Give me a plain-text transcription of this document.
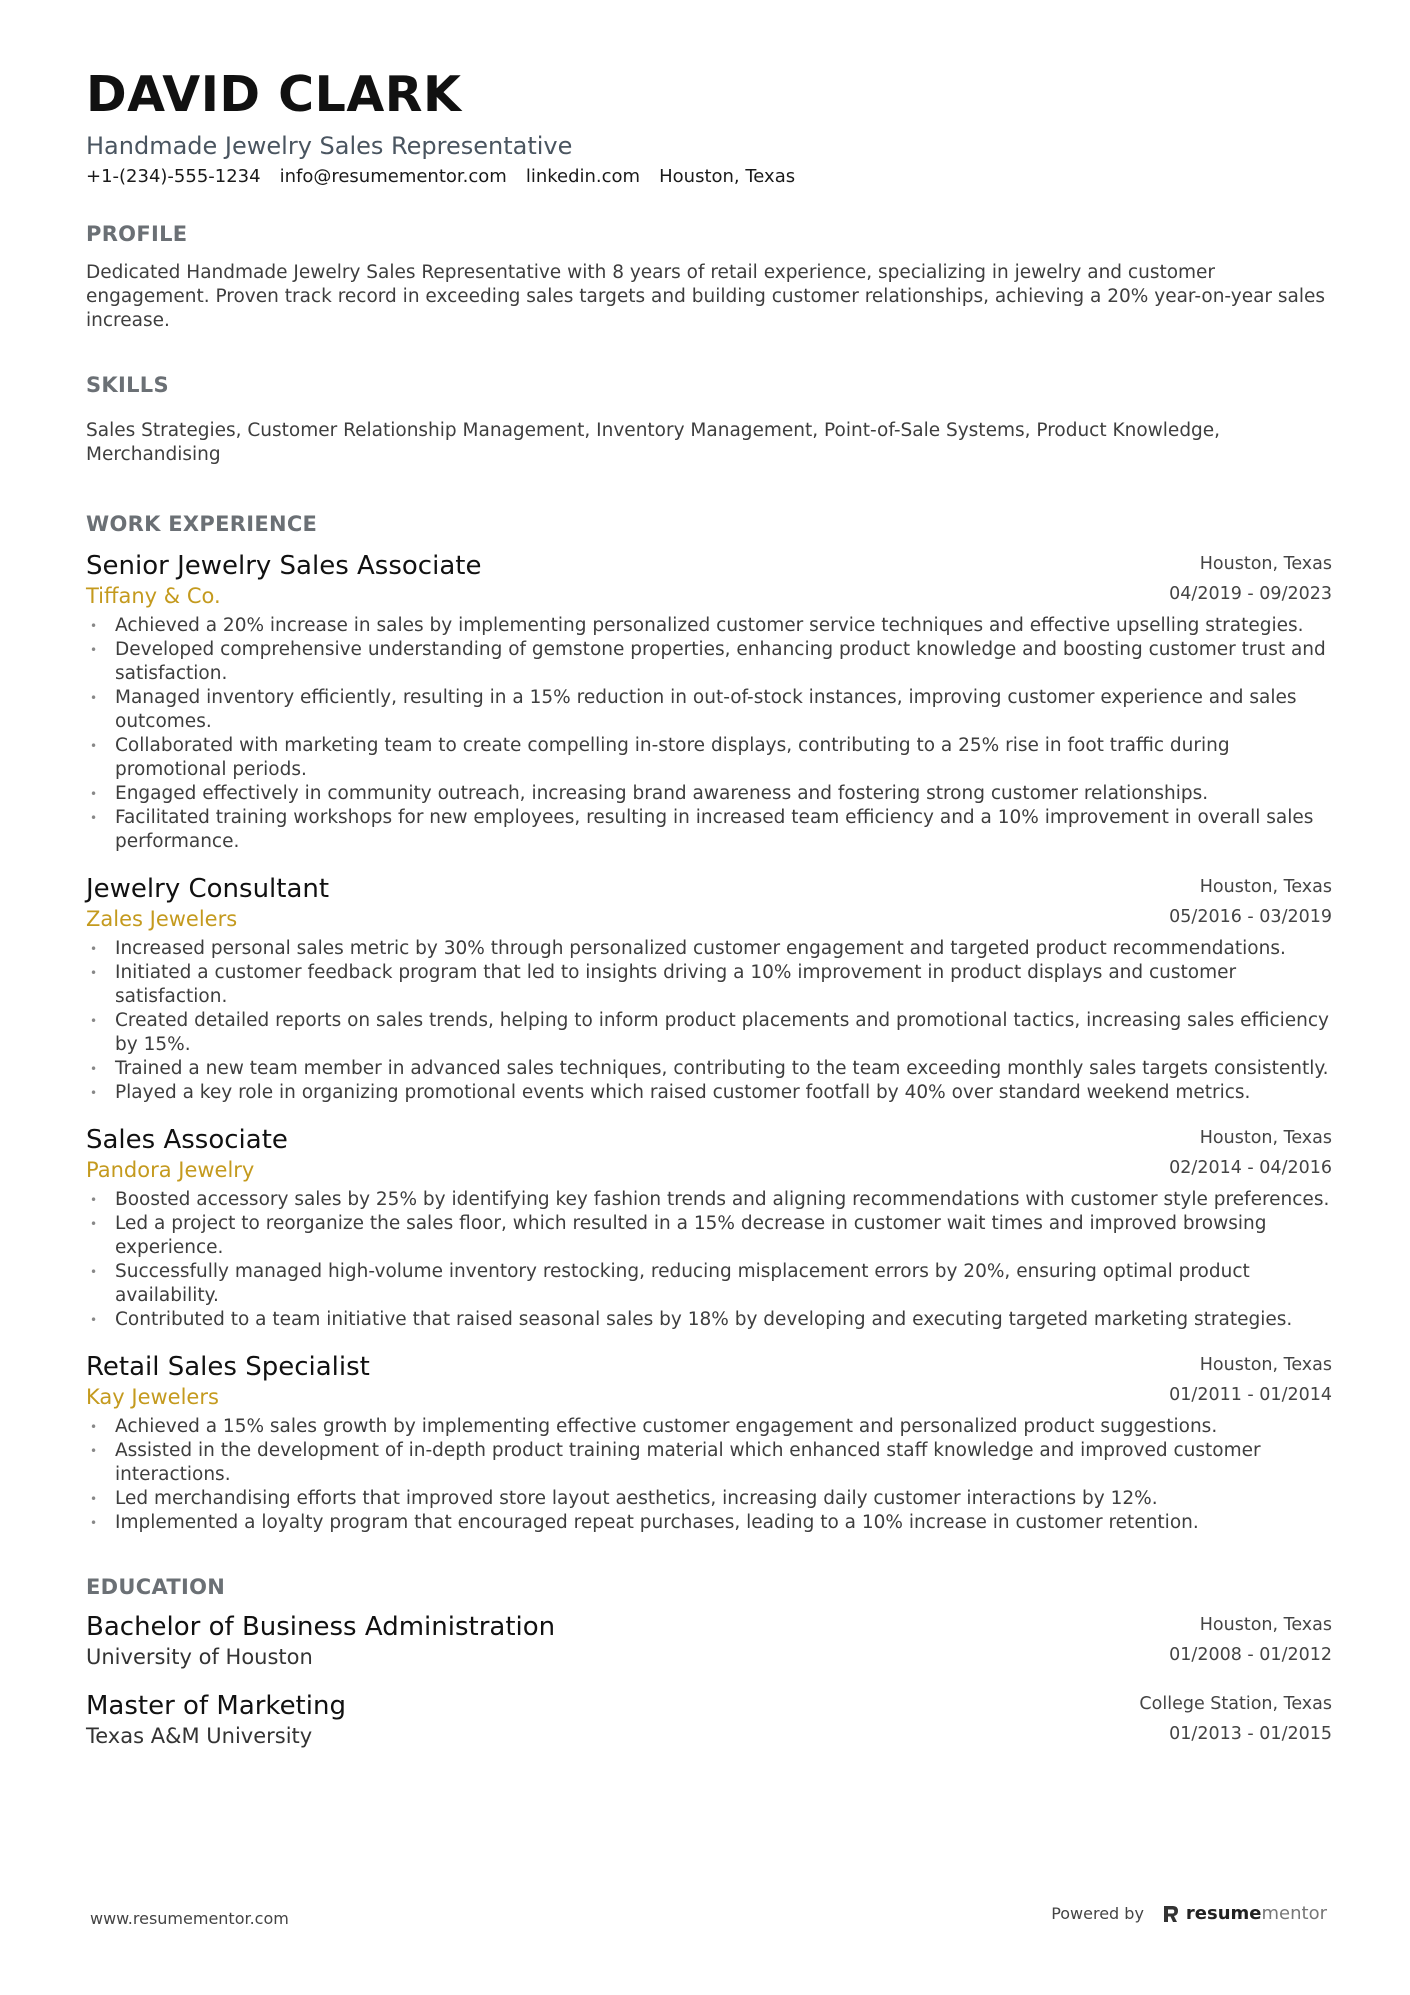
DAVID CLARK
Handmade Jewelry Sales Representative
+1-(234)-555-1234 info@resumementor.com linkedin.com Houston, Texas
PROFILE
Dedicated Handmade Jewelry Sales Representative with 8 years of retail experience, specializing in jewelry and customer engagement. Proven track record in exceeding sales targets and building customer relationships, achieving a 20% year-on-year sales increase.
SKILLS
Sales Strategies, Customer Relationship Management, Inventory Management, Point-of-Sale Systems, Product Knowledge, Merchandising
WORK EXPERIENCE
Senior Jewelry Sales Associate
Tiffany & Co.
Houston, Texas
04/2019 - 09/2023
• Achieved a 20% increase in sales by implementing personalized customer service techniques and effective upselling strategies.
• Developed comprehensive understanding of gemstone properties, enhancing product knowledge and boosting customer trust and satisfaction.
• Managed inventory efficiently, resulting in a 15% reduction in out-of-stock instances, improving customer experience and sales outcomes.
• Collaborated with marketing team to create compelling in-store displays, contributing to a 25% rise in foot traffic during promotional periods.
• Engaged effectively in community outreach, increasing brand awareness and fostering strong customer relationships.
• Facilitated training workshops for new employees, resulting in increased team efficiency and a 10% improvement in overall sales performance.
Jewelry Consultant
Zales Jewelers
Houston, Texas
05/2016 - 03/2019
• Increased personal sales metric by 30% through personalized customer engagement and targeted product recommendations.
• Initiated a customer feedback program that led to insights driving a 10% improvement in product displays and customer satisfaction.
• Created detailed reports on sales trends, helping to inform product placements and promotional tactics, increasing sales efficiency by 15%.
• Trained a new team member in advanced sales techniques, contributing to the team exceeding monthly sales targets consistently.
• Played a key role in organizing promotional events which raised customer footfall by 40% over standard weekend metrics.
Sales Associate
Pandora Jewelry
Houston, Texas
02/2014 - 04/2016
• Boosted accessory sales by 25% by identifying key fashion trends and aligning recommendations with customer style preferences.
• Led a project to reorganize the sales floor, which resulted in a 15% decrease in customer wait times and improved browsing experience.
• Successfully managed high-volume inventory restocking, reducing misplacement errors by 20%, ensuring optimal product availability.
• Contributed to a team initiative that raised seasonal sales by 18% by developing and executing targeted marketing strategies.
Retail Sales Specialist
Kay Jewelers
Houston, Texas
01/2011 - 01/2014
• Achieved a 15% sales growth by implementing effective customer engagement and personalized product suggestions.
• Assisted in the development of in-depth product training material which enhanced staff knowledge and improved customer interactions.
• Led merchandising efforts that improved store layout aesthetics, increasing daily customer interactions by 12%.
• Implemented a loyalty program that encouraged repeat purchases, leading to a 10% increase in customer retention.
EDUCATION
Bachelor of Business Administration
University of Houston
Houston, Texas
01/2008 - 01/2012
Master of Marketing
Texas A&M University
College Station, Texas
01/2013 - 01/2015
www.resumementor.com	Powered by resumementor
